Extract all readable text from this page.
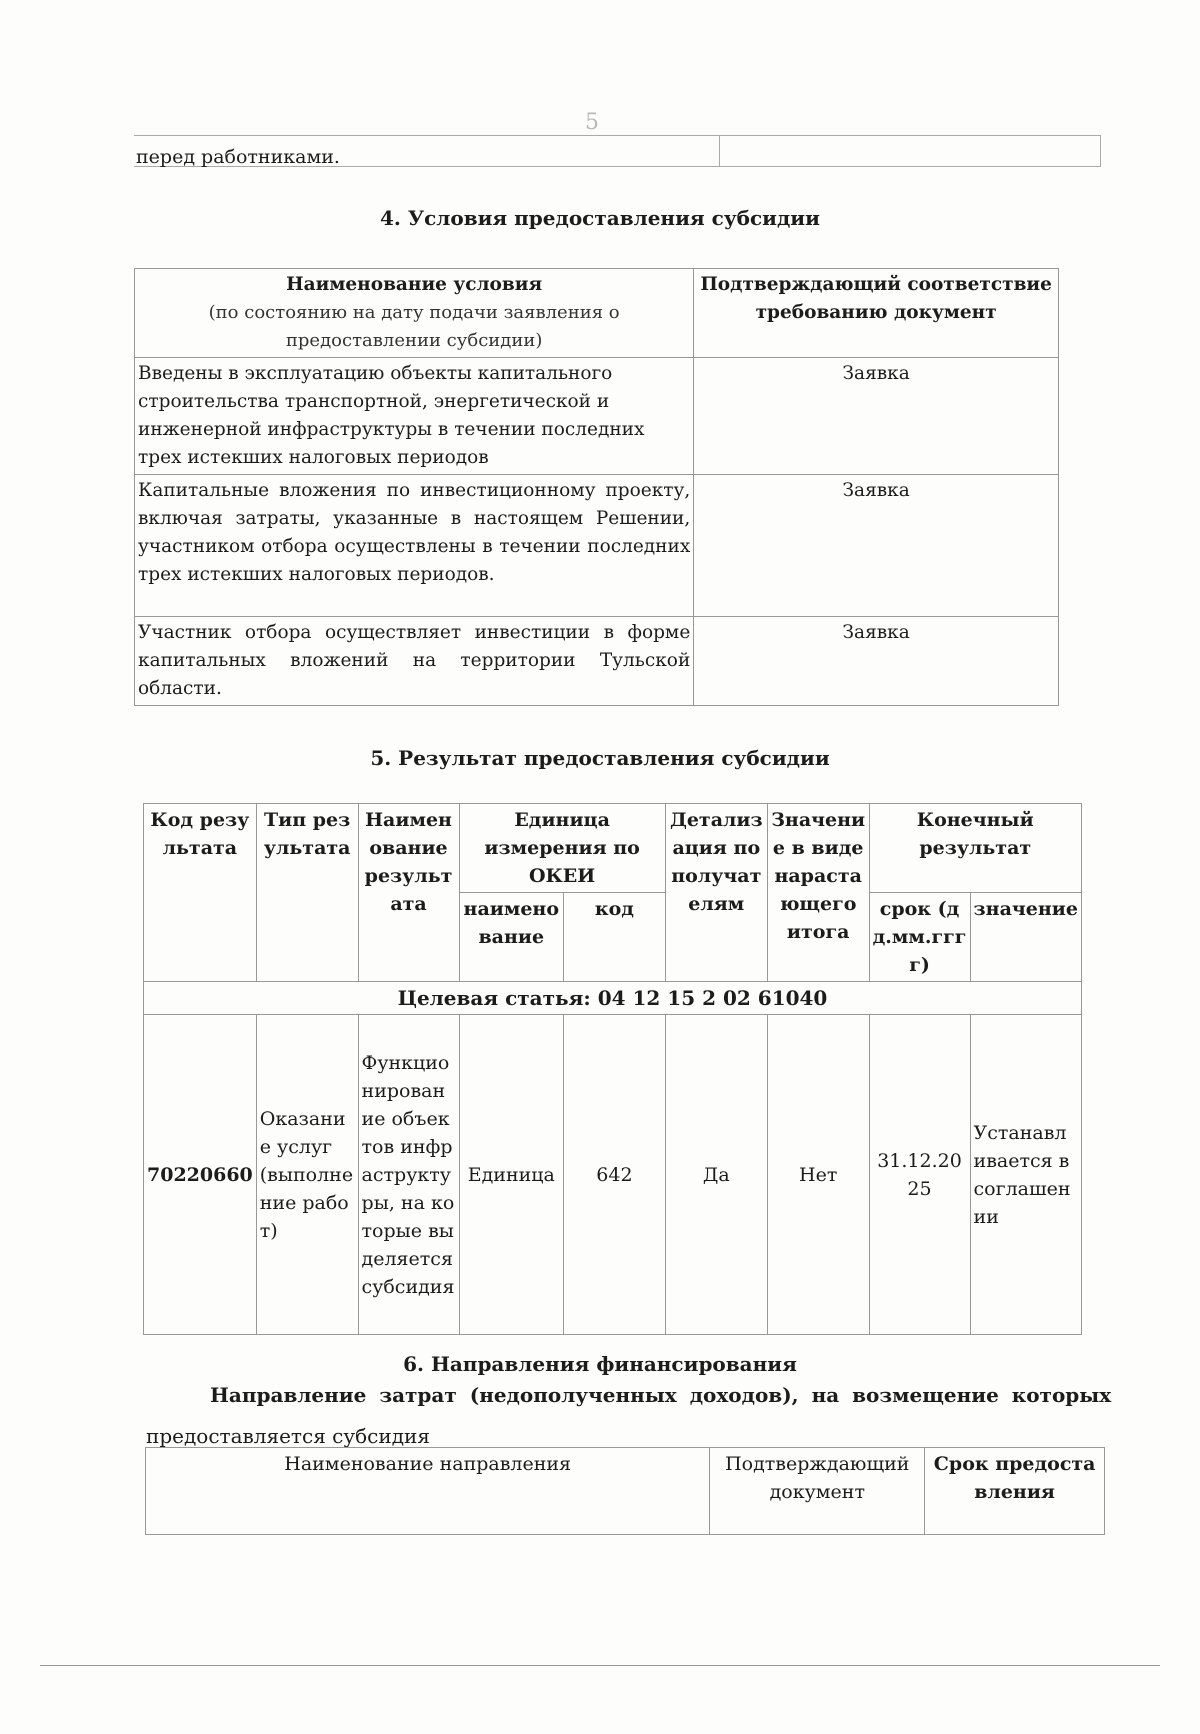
5
перед работниками.
4. Условия предоставления субсидии
Наименование условия
(по состоянию на дату подачи заявления о предоставлении субсидии)	Подтверждающий соответствие требованию документ
Введены в эксплуатацию объекты капитального строительства транспортной, энергетической и инженерной инфраструктуры в течении последних трех истекших налоговых периодов	Заявка
Капитальные вложения по инвестиционному проекту, включая затраты, указанные в настоящем Решении, участником отбора осуществлены в течении последних трех истекших налоговых периодов.	Заявка
Участник отбора осуществляет инвестиции в форме капитальных вложений на территории Тульской области.	Заявка
5. Результат предоставления субсидии
Код результата	Тип результата	Наименование результата	Единица измерения по ОКЕИ		Детализация по получателям	Значение в виде нарастающего итога	Конечный результат	
			наименование	код			срок (дд.мм.гггг)	значение
Целевая статья: 04 12 15 2 02 61040								
70220660	Оказание услуг (выполнение работ)	Функционирование объектов инфраструктуры, на которые выделяется субсидия	Единица	642	Да	Нет	31.12.2025	Устанавливается в соглашении
6. Направления финансирования
Направление затрат (недополученных доходов), на возмещение которых
предоставляется субсидия
Наименование направления	Подтверждающий документ	Срок предоставления
